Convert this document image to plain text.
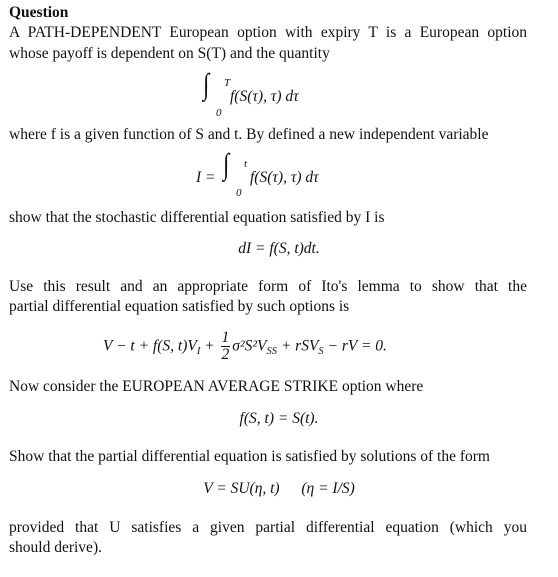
Question
A PATH-DEPENDENT European option with expiry T is a European option
whose payoff is dependent on S(T) and the quantity
∫ T
0
f(S(τ), τ) dτ
where f is a given function of S and t. By defined a new independent variable
I = ∫ t
0
f(S(τ), τ) dτ
show that the stochastic differential equation satisfied by I is
dI = f(S, t)dt.
Use this result and an appropriate form of Ito's lemma to show that the
partial differential equation satisfied by such options is
V − t + f(S, $t)V_I + \frac{1}{2} \sigma^2S^2V_{SS} + rSV_S$ − rV = 0.
Now consider the EUROPEAN AVERAGE STRIKE option where
f(S, t) = S(t).
Show that the partial differential equation is satisfied by solutions of the form
V = SU(η, t) (η = I/S)
provided that U satisfies a given partial differential equation (which you
should derive).
